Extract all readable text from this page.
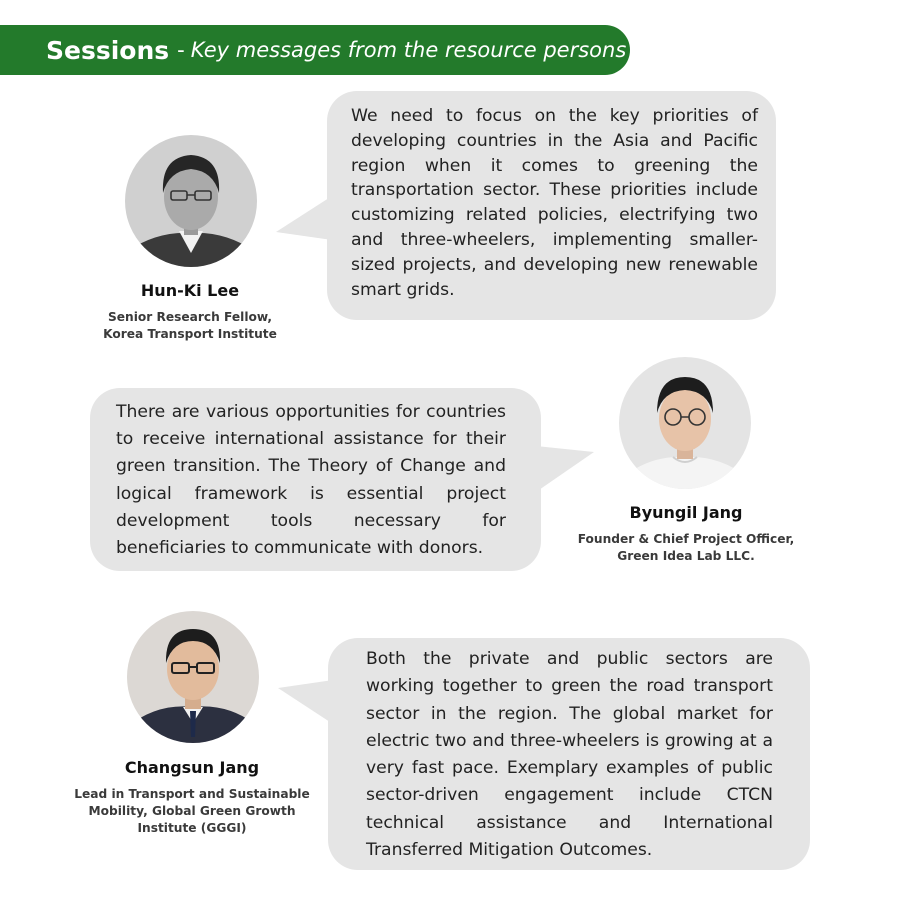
Sessions - Key messages from the resource persons
We need to focus on the key priorities of developing countries in the Asia and Pacific region when it comes to greening the transportation sector. These priorities include customizing related policies, electrifying two and three-wheelers, implementing smaller-sized projects, and developing new renewable smart grids.
Hun-Ki Lee
Senior Research Fellow,
Korea Transport Institute
There are various opportunities for countries to receive international assistance for their green transition. The Theory of Change and logical framework is essential project development tools necessary for beneficiaries to communicate with donors.
Byungil Jang
Founder & Chief Project Officer,
Green Idea Lab LLC.
Both the private and public sectors are working together to green the road transport sector in the region. The global market for electric two and three-wheelers is growing at a very fast pace. Exemplary examples of public sector-driven engagement include CTCN technical assistance and International Transferred Mitigation Outcomes.
Changsun Jang
Lead in Transport and Sustainable
Mobility, Global Green Growth
Institute (GGGI)
